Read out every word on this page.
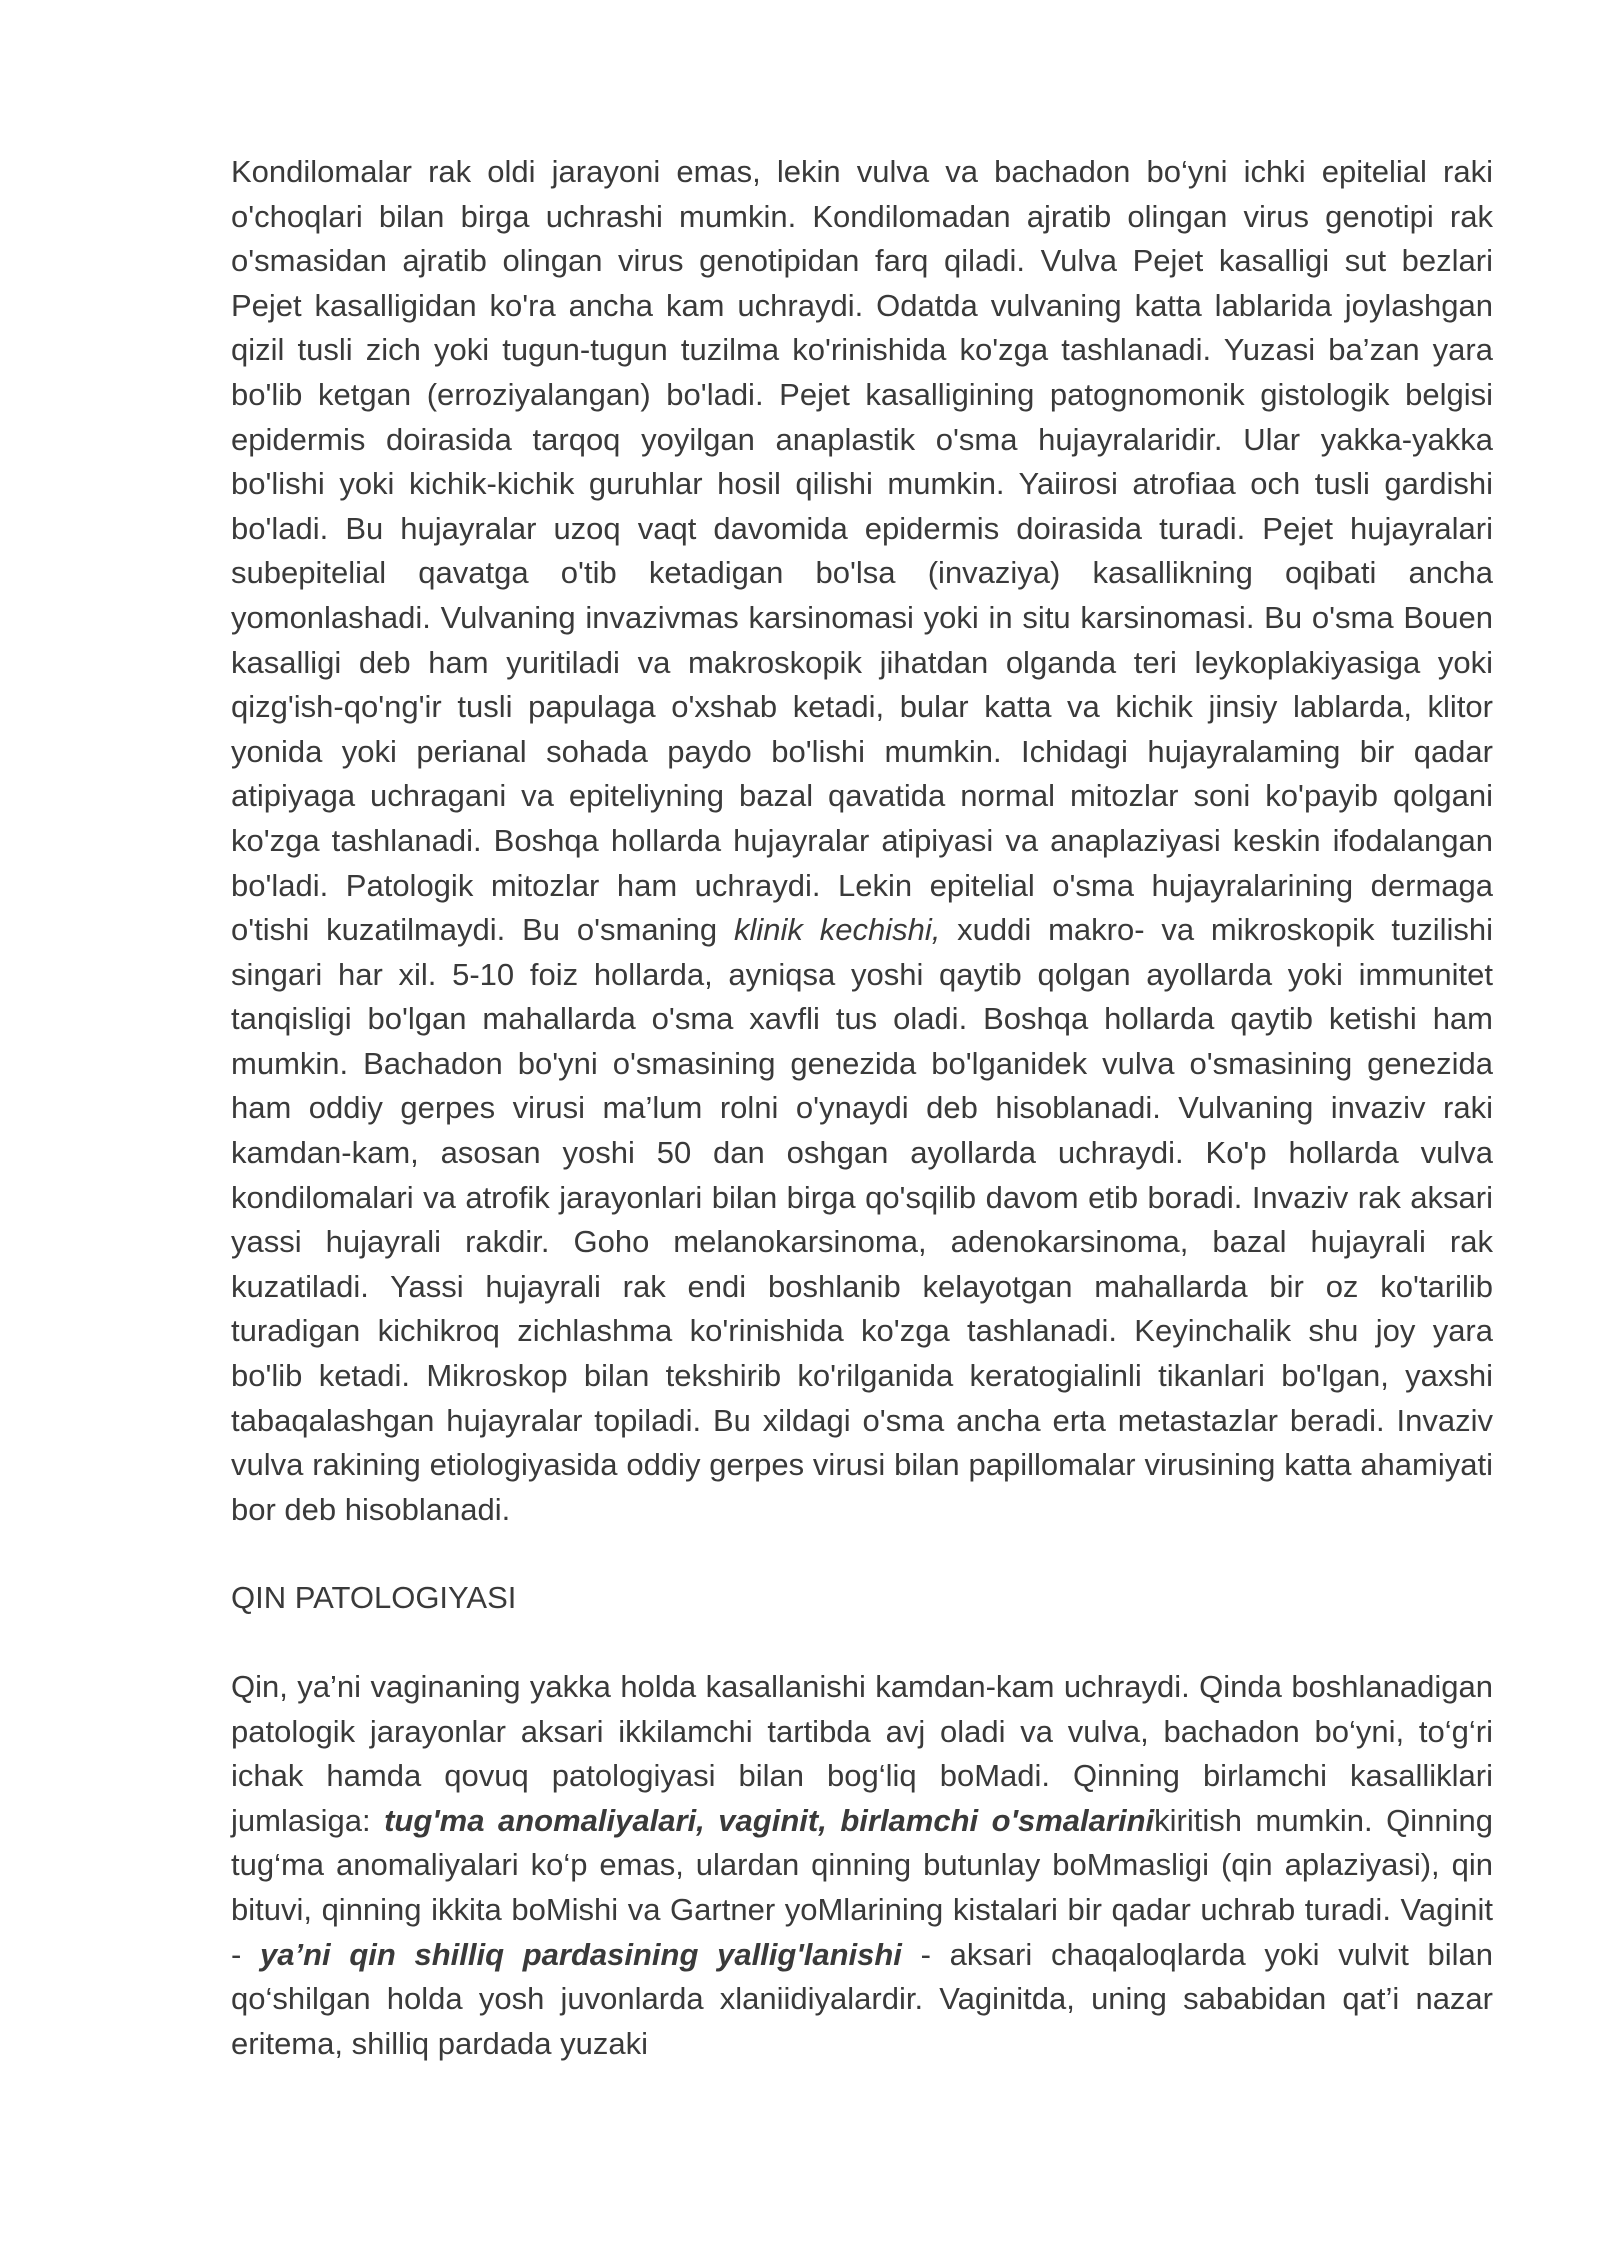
Kondilomalar rak oldi jarayoni emas, lekin vulva va bachadon bo‘yni ichki epitelial raki o'choqlari bilan birga uchrashi mumkin. Kondilomadan ajratib olingan virus genotipi rak o'smasidan ajratib olingan virus genotipidan farq qiladi. Vulva Pejet kasalligi sut bezlari Pejet kasalligidan ko'ra ancha kam uchraydi. Odatda vulvaning katta lablarida joylashgan qizil tusli zich yoki tugun-tugun tuzilma ko'rinishida ko'zga tashlanadi. Yuzasi ba’zan yara bo'lib ketgan (erroziyalangan) bo'ladi. Pejet kasalligining patognomonik gistologik belgisi epidermis doirasida tarqoq yoyilgan anaplastik o'sma hujayralaridir. Ular yakka-yakka bo'lishi yoki kichik-kichik guruhlar hosil qilishi mumkin. Yaiirosi atrofiaa och tusli gardishi bo'ladi. Bu hujayralar uzoq vaqt davomida epidermis doirasida turadi. Pejet hujayralari subepitelial qavatga o'tib ketadigan bo'lsa (invaziya) kasallikning oqibati ancha yomonlashadi. Vulvaning invazivmas karsinomasi yoki in situ karsinomasi. Bu o'sma Bouen kasalligi deb ham yuritiladi va makroskopik jihatdan olganda teri leykoplakiyasiga yoki qizg'ish-qo'ng'ir tusli papulaga o'xshab ketadi, bular katta va kichik jinsiy lablarda, klitor yonida yoki perianal sohada paydo bo'lishi mumkin. Ichidagi hujayralaming bir qadar atipiyaga uchragani va epiteliyning bazal qavatida normal mitozlar soni ko'payib qolgani ko'zga tashlanadi. Boshqa hollarda hujayralar atipiyasi va anaplaziyasi keskin ifodalangan bo'ladi. Patologik mitozlar ham uchraydi. Lekin epitelial o'sma hujayralarining dermaga o'tishi kuzatilmaydi. Bu o'smaning klinik kechishi, xuddi makro- va mikroskopik tuzilishi singari har xil. 5-10 foiz hollarda, ayniqsa yoshi qaytib qolgan ayollarda yoki immunitet tanqisligi bo'lgan mahallarda o'sma xavfli tus oladi. Boshqa hollarda qaytib ketishi ham mumkin. Bachadon bo'yni o'smasining genezida bo'lganidek vulva o'smasining genezida ham oddiy gerpes virusi ma’lum rolni o'ynaydi deb hisoblanadi. Vulvaning invaziv raki kamdan-kam, asosan yoshi 50 dan oshgan ayollarda uchraydi. Ko'p hollarda vulva kondilomalari va atrofik jarayonlari bilan birga qo'sqilib davom etib boradi. Invaziv rak aksari yassi hujayrali rakdir. Goho melanokarsinoma, adenokarsinoma, bazal hujayrali rak kuzatiladi. Yassi hujayrali rak endi boshlanib kelayotgan mahallarda bir oz ko'tarilib turadigan kichikroq zichlashma ko'rinishida ko'zga tashlanadi. Keyinchalik shu joy yara bo'lib ketadi. Mikroskop bilan tekshirib ko'rilganida keratogialinli tikanlari bo'lgan, yaxshi tabaqalashgan hujayralar topiladi. Bu xildagi o'sma ancha erta metastazlar beradi. Invaziv vulva rakining etiologiyasida oddiy gerpes virusi bilan papillomalar virusining katta ahamiyati bor deb hisoblanadi.

QIN PATOLOGIYASI

Qin, ya’ni vaginaning yakka holda kasallanishi kamdan-kam uchraydi. Qinda boshlanadigan patologik jarayonlar aksari ikkilamchi tartibda avj oladi va vulva, bachadon bo‘yni, to‘g‘ri ichak hamda qovuq patologiyasi bilan bog‘liq boMadi. Qinning birlamchi kasalliklari jumlasiga: tug'ma anomaliyalari, vaginit, birlamchi o'smalarinikiritish mumkin. Qinning tug‘ma anomaliyalari ko‘p emas, ulardan qinning butunlay boMmasligi (qin aplaziyasi), qin bituvi, qinning ikkita boMishi va Gartner yoMlarining kistalari bir qadar uchrab turadi. Vaginit - ya’ni qin shilliq pardasining yallig'lanishi - aksari chaqaloqlarda yoki vulvit bilan qo‘shilgan holda yosh juvonlarda xlaniidiyalardir. Vaginitda, uning sababidan qat’i nazar eritema, shilliq pardada yuzaki
